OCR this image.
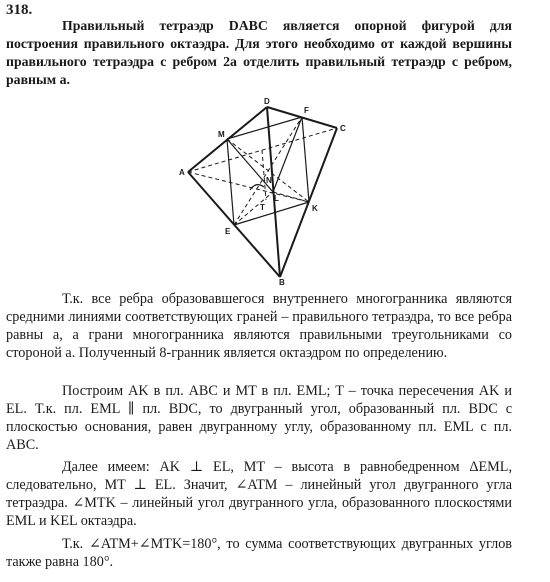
318.

Правильный тетраэдр DABC является опорной фигурой для построения правильного октаэдра. Для этого необходимо от каждой вершины правильного тетраэдра с ребром 2a отделить правильный тетраэдр с ребром, равным a.

A
B
C
D
E
F
K
L
M
N
T

Т.к. все ребра образовавшегося внутреннего многогранника являются средними линиями соответствующих граней – правильного тетраэдра, то все ребра равны a, а грани многогранника являются правильными треугольниками со стороной a. Полученный 8-гранник является октаэдром по определению.

Построим AK в пл. ABC и MT в пл. EML; T – точка пересечения AK и EL. Т.к. пл. EML ∥ пл. BDC, то двугранный угол, образованный пл. BDC с плоскостью основания, равен двугранному углу, образованному пл. EML с пл. ABC.

Далее имеем: AK ⊥ EL, MT – высота в равнобедренном ΔEML, следовательно, MT ⊥ EL. Значит, ∠ATM – линейный угол двугранного угла тетраэдра. ∠MTK – линейный угол двугранного угла, образованного плоскостями EML и KEL октаэдра.

Т.к. ∠ATM+∠MTK=180°, то сумма соответствующих двугранных углов также равна 180°.
